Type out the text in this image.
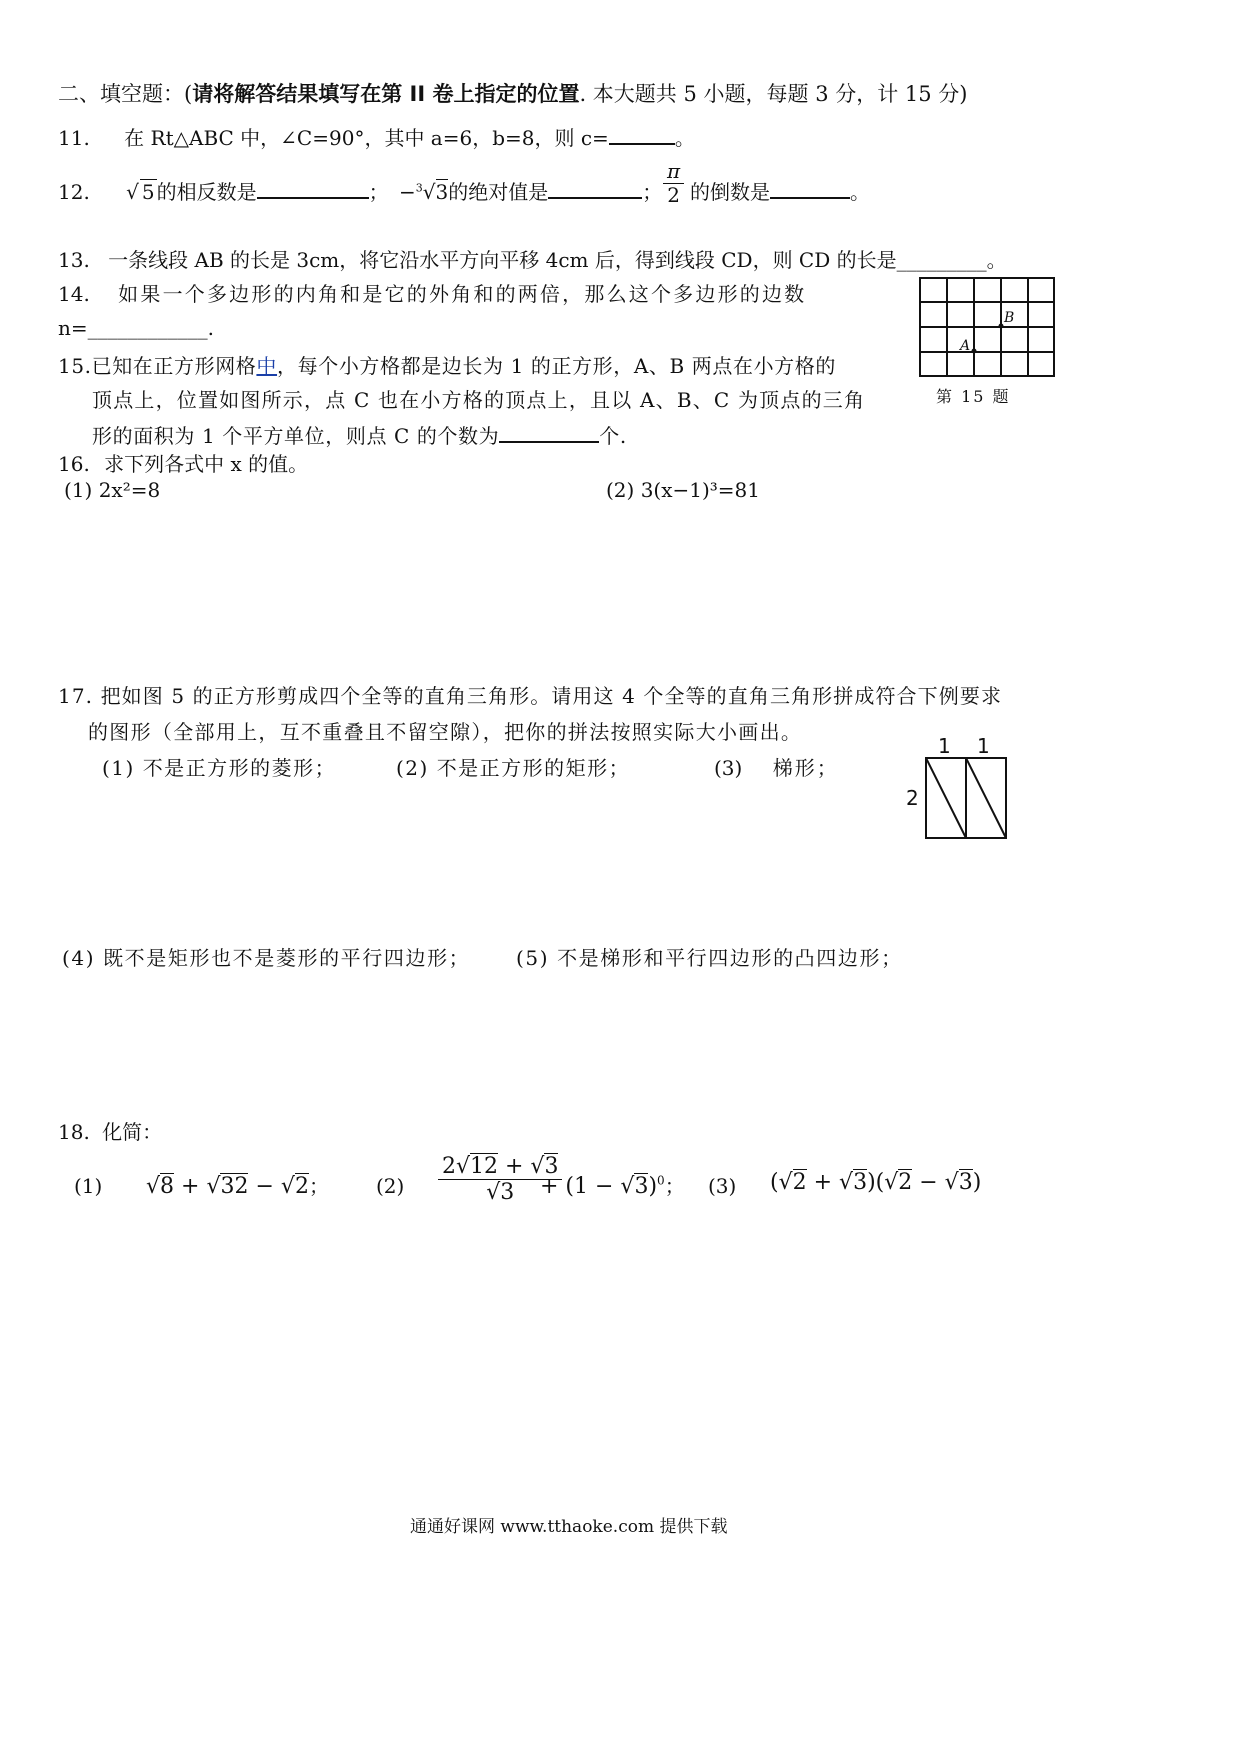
二、填空题：(请将解答结果填写在第 II 卷上指定的位置. 本大题共 5 小题，每题 3 分，计 15 分)
11. 在 Rt△ABC 中，∠C=90°，其中 a=6，b=8，则 c=	。
12. √ 5 的相反数是	； −$^3$√3的绝对值是	； $\frac{\pi}{2}$ 的倒数是	。
13. 一条线段 AB 的长是 3cm，将它沿水平方向平移 4cm 后，得到线段 CD，则 CD 的长是_________。
14. 如果一个多边形的内角和是它的外角和的两倍，那么这个多边形的边数
n=____________.
15.已知在正方形网格中，每个小方格都是边长为 1 的正方形，A、B 两点在小方格的
顶点上，位置如图所示，点 C 也在小方格的顶点上，且以 A、B、C 为顶点的三角
形的面积为 1 个平方单位，则点 C 的个数为	个.
A
B
第 15 题
16. 求下列各式中 x 的值。
(1) 2x²=8	(2) 3(x−1)³=81
17. 把如图 5 的正方形剪成四个全等的直角三角形。请用这 4 个全等的直角三角形拼成符合下例要求
的图形（全部用上，互不重叠且不留空隙），把你的拼法按照实际大小画出。
(1) 不是正方形的菱形；	(2) 不是正方形的矩形；	(3) 梯形；
1 1
2
(4) 既不是矩形也不是菱形的平行四边形； (5) 不是梯形和平行四边形的凸四边形；
18. 化简：
(1) √8 + √32 − √2； $(2) \frac{2√12 + √3}{√3}$
+ $(1 - √3)^0$； (3) (√2 + √3)(√2 − √3)
通通好课网 www.tthaoke.com 提供下载
